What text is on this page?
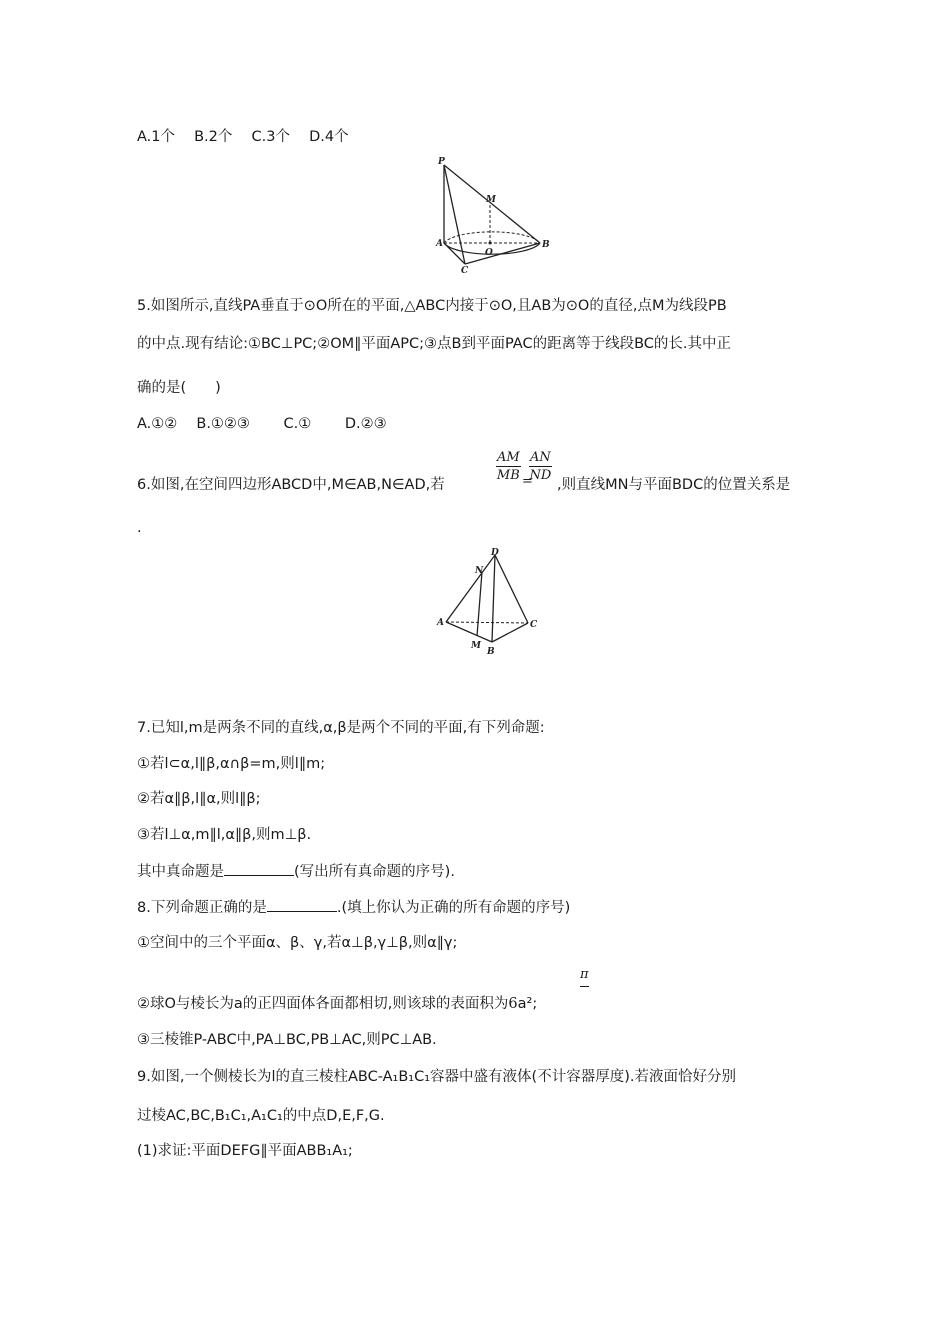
A.1个　 B.2个　 C.3个　 D.4个
P
M
A
O
B
C
5.如图所示,直线PA垂直于⊙O所在的平面,△ABC内接于⊙O,且AB为⊙O的直径,点M为线段PB
的中点.现有结论:①BC⊥PC;②OM∥平面APC;③点B到平面PAC的距离等于线段BC的长.其中正
确的是(　　)
A.①②　 B.①②③　　 C.①　　 D.②③
$\frac{AM}{MB}$ =
$\frac{AN}{ND}$
6.如图,在空间四边形ABCD中,M∈AB,N∈AD,若	,则直线MN与平面BDC的位置关系是
.
D
N
A	C
M
B
7.已知l,m是两条不同的直线,α,β是两个不同的平面,有下列命题:
①若l⊂α,l∥β,α∩β=m,则l∥m;
②若α∥β,l∥α,则l∥β;
③若l⊥α,m∥l,α∥β,则m⊥β.
其中真命题是	(写出所有真命题的序号).
8.下列命题正确的是	.(填上你认为正确的所有命题的序号)
①空间中的三个平面α、β、γ,若α⊥β,γ⊥β,则α∥γ;
π
②球O与棱长为a的正四面体各面都相切,则该球的表面积为6a²;
③三棱锥P-ABC中,PA⊥BC,PB⊥AC,则PC⊥AB.
9.如图,一个侧棱长为l的直三棱柱ABC-A₁B₁C₁容器中盛有液体(不计容器厚度).若液面恰好分别
过棱AC,BC,B₁C₁,A₁C₁的中点D,E,F,G.
(1)求证:平面DEFG∥平面ABB₁A₁;
